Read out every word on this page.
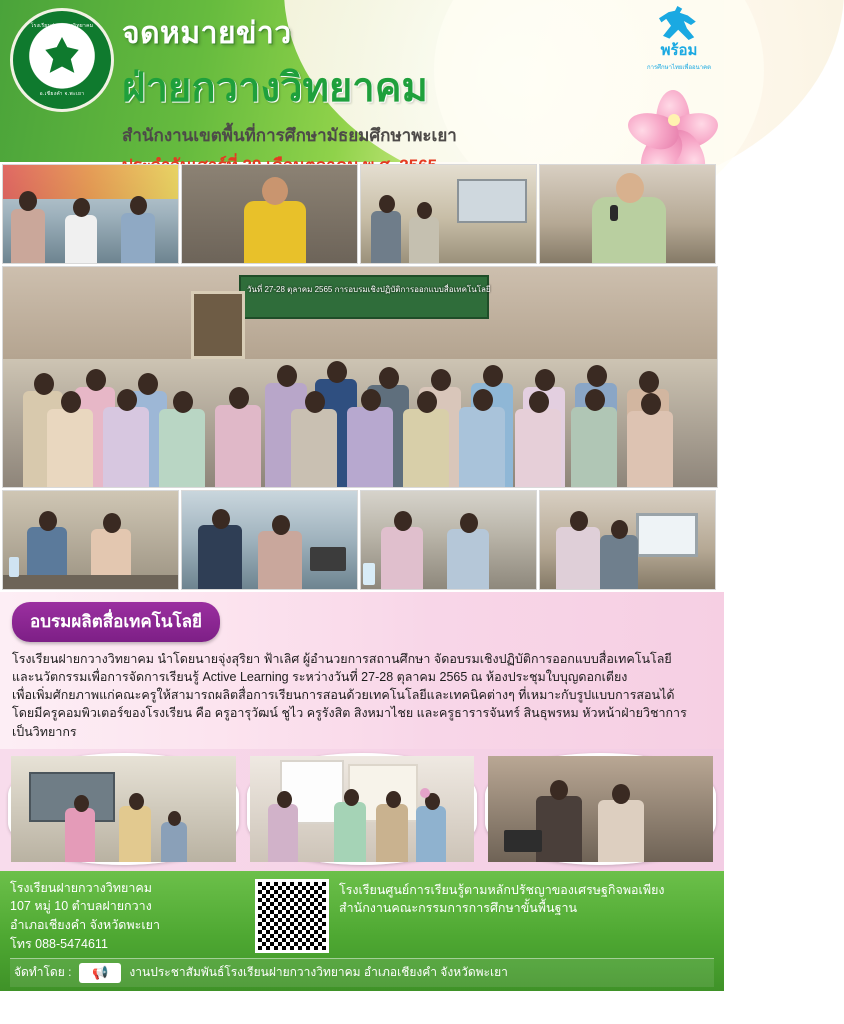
โรงเรียนฝายกวางวิทยาคม
อ.เชียงคำ จ.พะเยา
จดหมายข่าว
ฝ่ายกวางวิทยาคม
สำนักงานเขตพื้นที่การศึกษามัธยมศึกษาพะเยา
ประจำวันเสาร์ที่
พร้อม
การศึกษาไทยเพื่ออนาคต
วันที่ 27-28 ตุลาคม 2565 การอบรมเชิงปฏิบัติการออกแบบสื่อเทคโนโลยี
อบรมผลิตสื่อเทคโนโลยี
โรงเรียนฝายกวางวิทยาคม นำโดยนายจุ่งสุริยา ฟ้าเลิศ ผู้อำนวยการสถานศึกษา จัดอบรมเชิงปฏิบัติการออกแบบสื่อเทคโนโลยี
และนวัตกรรมเพื่อการจัดการเรียนรู้ Active Learning ระหว่างวันที่ 27-28 ตุลาคม 2565 ณ ห้องประชุมใบบุญดอกเตียง
เพื่อเพิ่มศักยภาพแก่คณะครูให้สามารถผลิตสื่อการเรียนการสอนด้วยเทคโนโลยีและเทคนิคต่างๆ ที่เหมาะกับรูปแบบการสอนได้
โดยมีครูคอมพิวเตอร์ของโรงเรียน คือ ครูอารุวัฒน์ ชูไว ครูรังสิต สิงหมาไชย และครูธารารจันทร์ สินธุพรหม หัวหน้าฝ่ายวิชาการ
เป็นวิทยากร
โรงเรียนฝายกวางวิทยาคม
107 หมู่ 10 ตำบลฝายกวาง
อำเภอเชียงคำ จังหวัดพะเยา
โทร 088-5474611
โรงเรียนศูนย์การเรียนรู้ตามหลักปรัชญาของเศรษฐกิจพอเพียง
สำนักงานคณะกรรมการการศึกษาขั้นพื้นฐาน
จัดทำโดย :	📢	งานประชาสัมพันธ์โรงเรียนฝายกวางวิทยาคม อำเภอเชียงคำ จังหวัดพะเยา
